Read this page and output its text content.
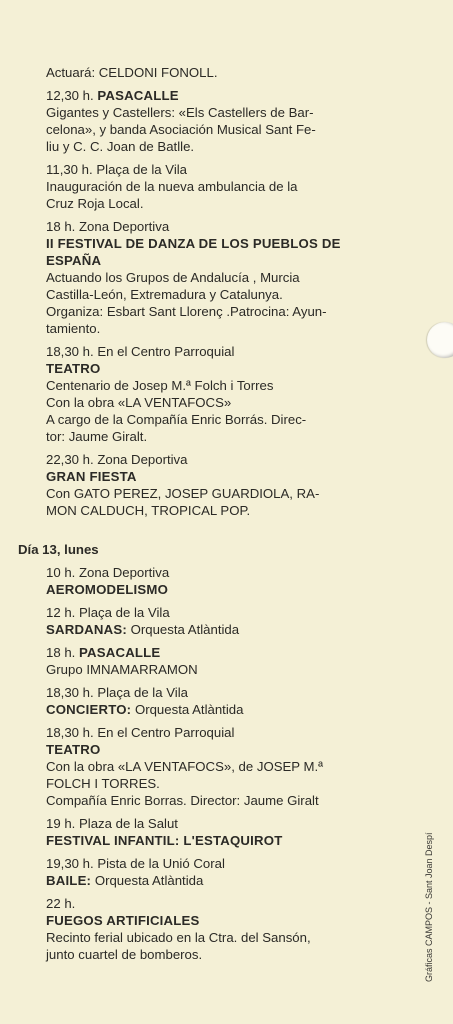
Actuará: CELDONI FONOLL.
12,30 h. PASACALLE
Gigantes y Castellers: «Els Castellers de Bar-
celona», y banda Asociación Musical Sant Fe-
liu y C. C. Joan de Batlle.
11,30 h. Plaça de la Vila
Inauguración de la nueva ambulancia de la
Cruz Roja Local.
18 h. Zona Deportiva
II FESTIVAL DE DANZA DE LOS PUEBLOS DE
ESPAÑA
Actuando los Grupos de Andalucía , Murcia
Castilla-León, Extremadura y Catalunya.
Organiza: Esbart Sant Llorenç .Patrocina: Ayun-
tamiento.
18,30 h. En el Centro Parroquial
TEATRO
Centenario de Josep M.ª Folch i Torres
Con la obra «LA VENTAFOCS»
A cargo de la Compañía Enric Borrás. Direc-
tor: Jaume Giralt.
22,30 h. Zona Deportiva
GRAN FIESTA
Con GATO PEREZ, JOSEP GUARDIOLA, RA-
MON CALDUCH, TROPICAL POP.
Día 13, lunes
10 h. Zona Deportiva
AEROMODELISMO
12 h. Plaça de la Vila
SARDANAS: Orquesta Atlàntida
18 h. PASACALLE
Grupo IMNAMARRAMON
18,30 h. Plaça de la Vila
CONCIERTO: Orquesta Atlàntida
18,30 h. En el Centro Parroquial
TEATRO
Con la obra «LA VENTAFOCS», de JOSEP M.ª
FOLCH I TORRES.
Compañía Enric Borras. Director: Jaume Giralt
19 h. Plaza de la Salut
FESTIVAL INFANTIL: L'ESTAQUIROT
19,30 h. Pista de la Unió Coral
BAILE: Orquesta Atlàntida
22 h.
FUEGOS ARTIFICIALES
Recinto ferial ubicado en la Ctra. del Sansón,
junto cuartel de bomberos.	Gráficas CAMPOS - Sant Joan Despí
